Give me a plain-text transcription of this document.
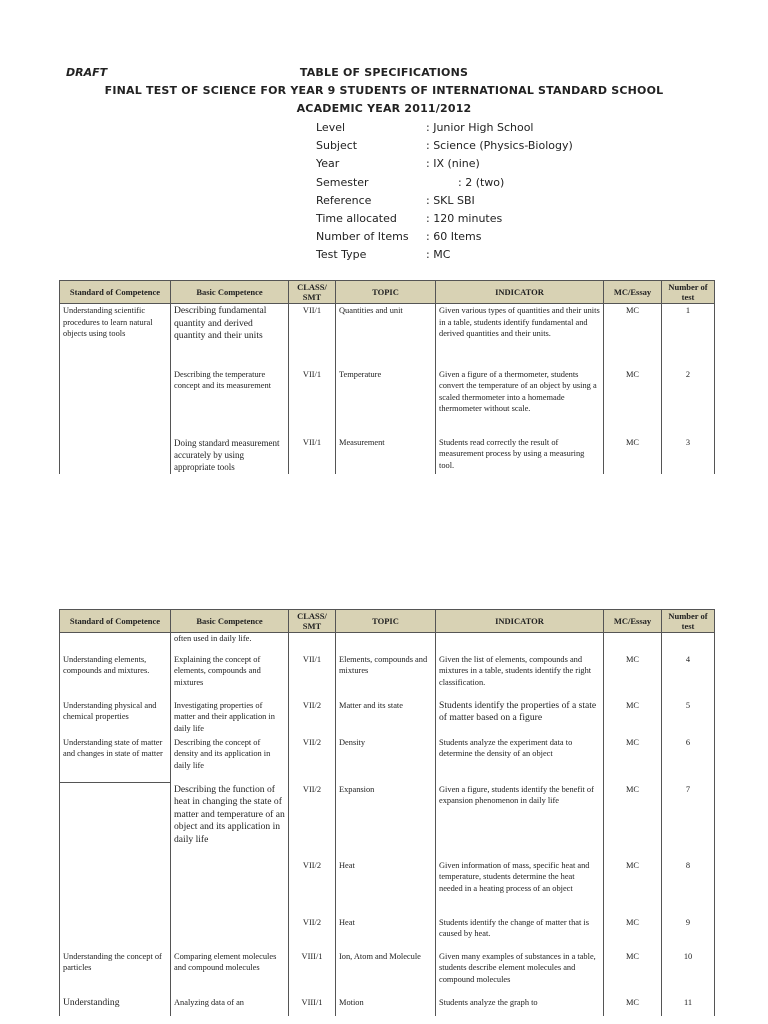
DRAFT	TABLE OF SPECIFICATIONS
FINAL TEST OF SCIENCE FOR YEAR 9 STUDENTS OF INTERNATIONAL STANDARD SCHOOL
ACADEMIC YEAR 2011/2012
Level	: Junior High School
Subject	: Science (Physics-Biology)
Year	: IX (nine)
Semester	: 2 (two)
Reference	: SKL SBI
Time allocated	: 120 minutes
Number of Items	: 60 Items
Test Type	: MC
Standard of Competence	Basic Competence	CLASS/ SMT	TOPIC	INDICATOR	MC/Essay	Number of test
Understanding scientific procedures to learn natural objects using tools	Describing fundamental quantity and derived quantity and their units	VII/1	Quantities and unit	Given various types of quantities and their units in a table, students identify fundamental and derived quantities and their units.	MC	1
	Describing the temperature concept and its measurement	VII/1	Temperature	Given a figure of a thermometer, students convert the temperature of an object by using a scaled thermometer into a homemade thermometer without scale.	MC	2
	Doing standard measurement accurately by using appropriate tools	VII/1	Measurement	Students read correctly the result of measurement process by using a measuring tool.	MC	3
Standard of Competence	Basic Competence	CLASS/ SMT	TOPIC	INDICATOR	MC/Essay	Number of test
	often used in daily life.					
Understanding elements, compounds and mixtures.	Explaining the concept of elements, compounds and mixtures	VII/1	Elements, compounds and mixtures	Given the list of elements, compounds and mixtures in a table, students identify the right classification.	MC	4
Understanding physical and chemical properties	Investigating properties of matter and their application in daily life	VII/2	Matter and its state	Students identify the properties of a state of matter based on a figure	MC	5
Understanding state of matter and changes in state of matter	Describing the concept of density and its application in daily life	VII/2	Density	Students analyze the experiment data to determine the density of an object	MC	6
	Describing the function of heat in changing the state of matter and temperature of an object and its application in daily life	VII/2	Expansion	Given a figure, students identify the benefit of expansion phenomenon in daily life	MC	7
		VII/2	Heat	Given information of mass, specific heat and temperature, students determine the heat needed in a heating process of an object	MC	8
		VII/2	Heat	Students identify the change of matter that is caused by heat.	MC	9
Understanding the concept of particles	Comparing element molecules and compound molecules	VIII/1	Ion, Atom and Molecule	Given many examples of substances in a table, students describe element molecules and compound molecules	MC	10
Understanding	Analyzing data of an	VIII/1	Motion	Students analyze the graph to	MC	11
